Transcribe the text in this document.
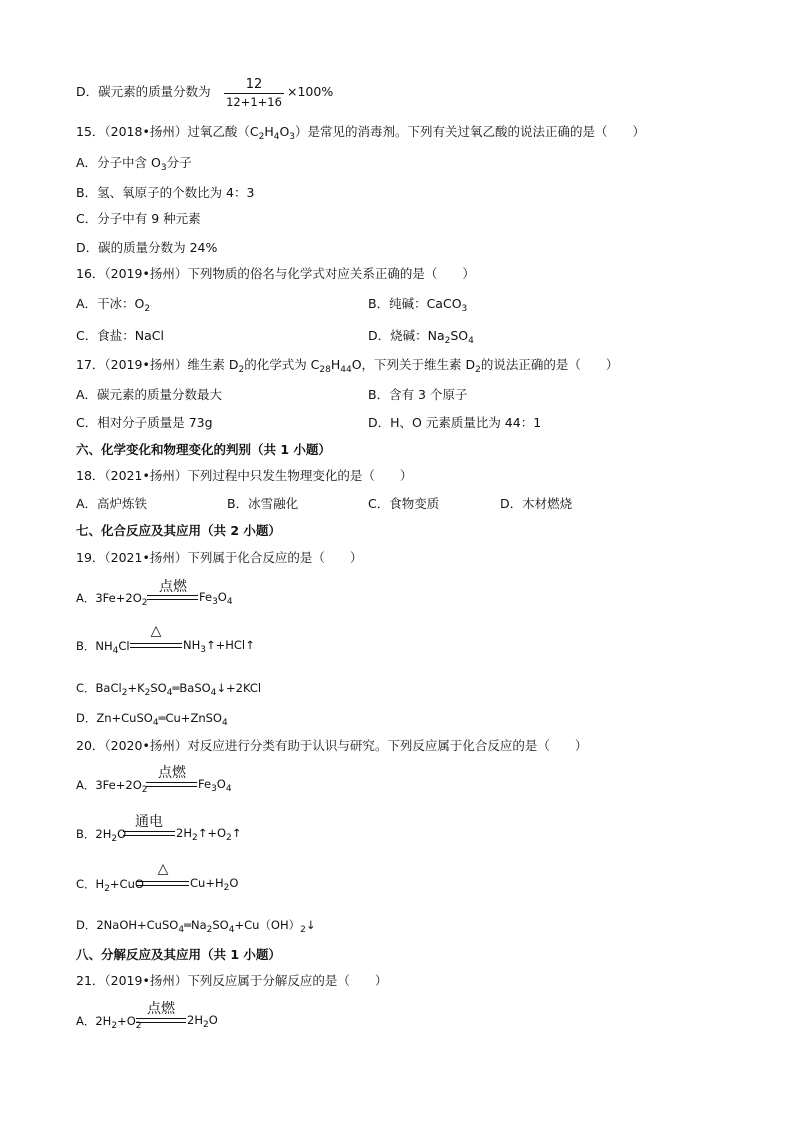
D．碳元素的质量分数为	12
12+1+16
×100%
15．（2018•扬州）过氧乙酸$(C_2H_4O_3)$是常见的消毒剂。下列有关过氧乙酸的说法正确的是（　　）
A．分子中含 $O_3$分子
B．氢、氧原子的个数比为 4：3
C．分子中有 9 种元素
D．碳的质量分数为 24%
16．（2019•扬州）下列物质的俗名与化学式对应关系正确的是（　　）
A．干冰：$O_2$	B．纯碱：CaCO$_3$
C．食盐：NaCl	D．烧碱：$Na_2SO_4$
17．（2019•扬州）维生素 $D_2$的化学式为 $C_{28}H_{44}O$，下列关于维生素 $D_2$的说法正确的是（　　）
A．碳元素的质量分数最大	B．含有 3 个原子
C．相对分子质量是 73g	D．H、O 元素质量比为 44：1
六、化学变化和物理变化的判别（共 1 小题）
18．（2021•扬州）下列过程中只发生物理变化的是（　　）
A．高炉炼铁	B．冰雪融化	C．食物变质	D．木材燃烧
七、化合反应及其应用（共 2 小题）
19．（2021•扬州）下列属于化合反应的是（　　）
A．$3Fe+2O_2$
点燃
$Fe_3O_4$
B．$NH_4Cl$
△
$NH_3↑+HCl↑$
C．$BaCl_2+K_2SO_4═BaSO_4↓+2KCl$
D．Zn+CuSO$_4$═Cu+ZnSO$_4$
20．（2020•扬州）对反应进行分类有助于认识与研究。下列反应属于化合反应的是（　　）
A．$3Fe+2O_2$
点燃
$Fe_3O_4$
B．$2H_2O$
通电
$2H_2↑+O_2↑$
C．$H_2+CuO$
△
$Cu+H_2O$
D．$2NaOH+CuSO_4═Na_2SO_4+Cu(OH)_2↓$
八、分解反应及其应用（共 1 小题）
21．（2019•扬州）下列反应属于分解反应的是（　　）
A．$2H_2+O_2$
点燃
$2H_2O$
